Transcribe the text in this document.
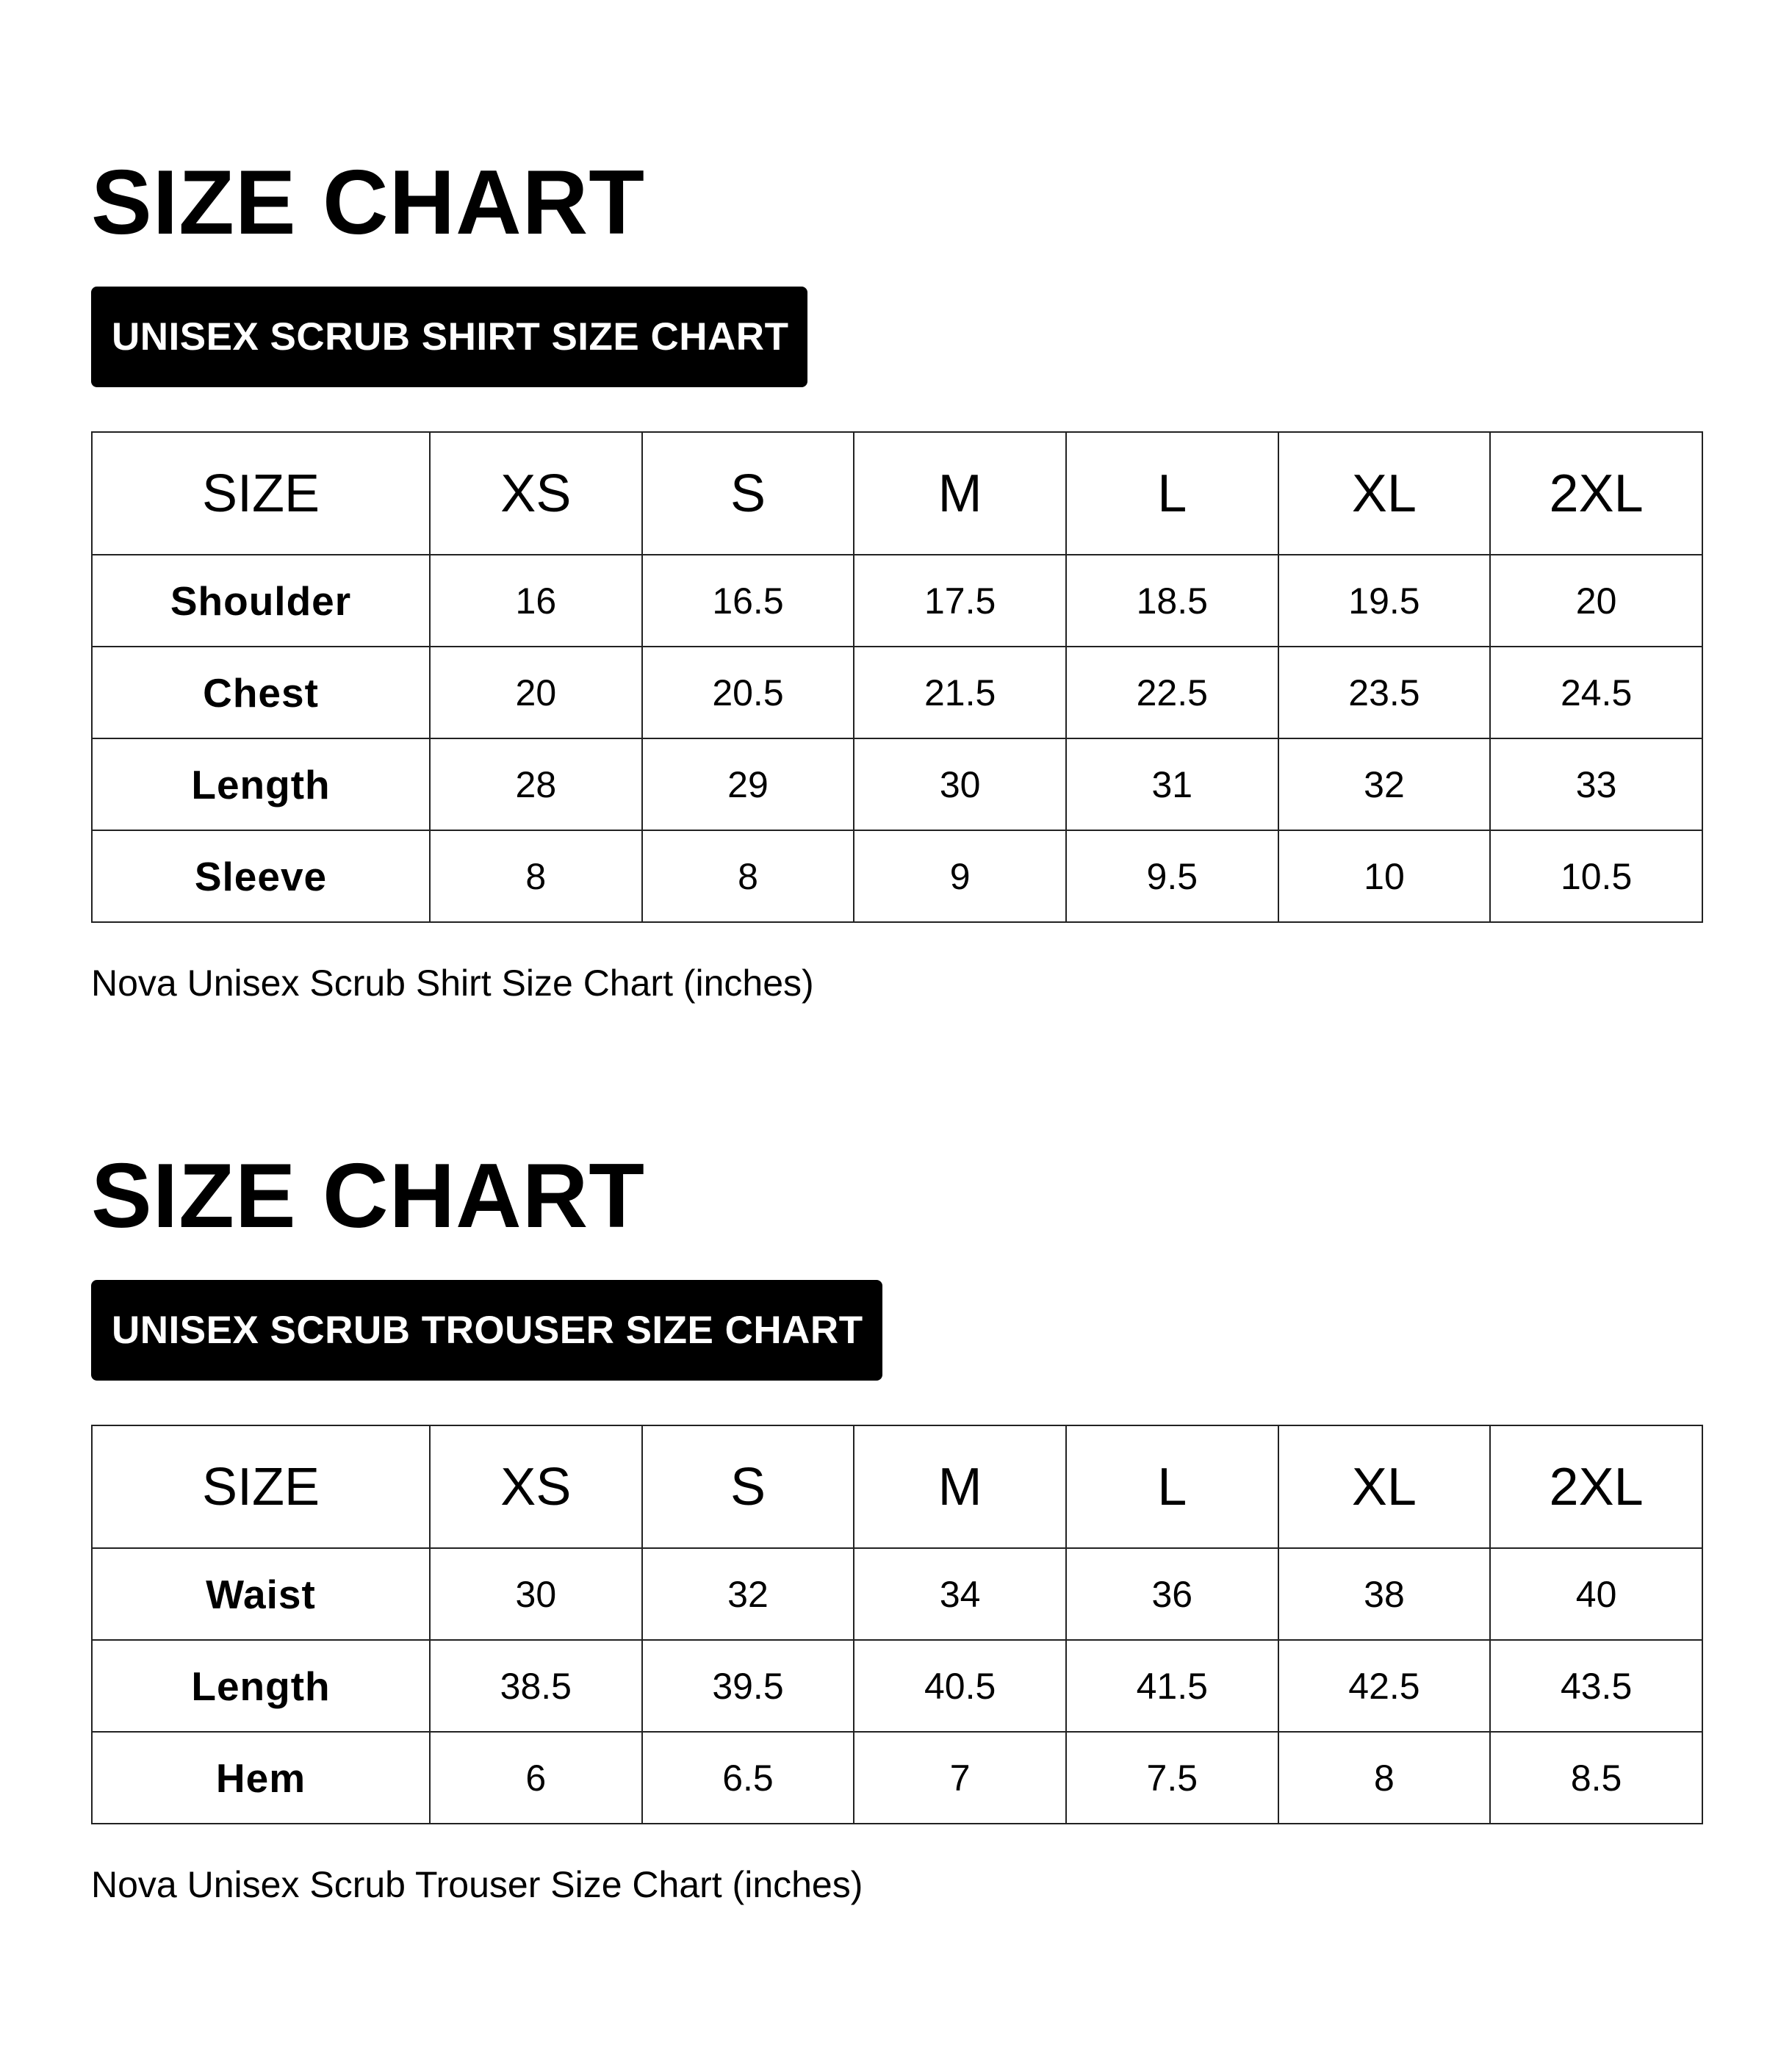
SIZE CHART
UNISEX SCRUB SHIRT SIZE CHART
SIZE	XS	S	M	L	XL	2XL
Shoulder	16	16.5	17.5	18.5	19.5	20
Chest	20	20.5	21.5	22.5	23.5	24.5
Length	28	29	30	31	32	33
Sleeve	8	8	9	9.5	10	10.5

Nova Unisex Scrub Shirt Size Chart (inches)

SIZE CHART
UNISEX SCRUB TROUSER SIZE CHART
SIZE	XS	S	M	L	XL	2XL
Waist	30	32	34	36	38	40
Length	38.5	39.5	40.5	41.5	42.5	43.5
Hem	6	6.5	7	7.5	8	8.5

Nova Unisex Scrub Trouser Size Chart (inches)
